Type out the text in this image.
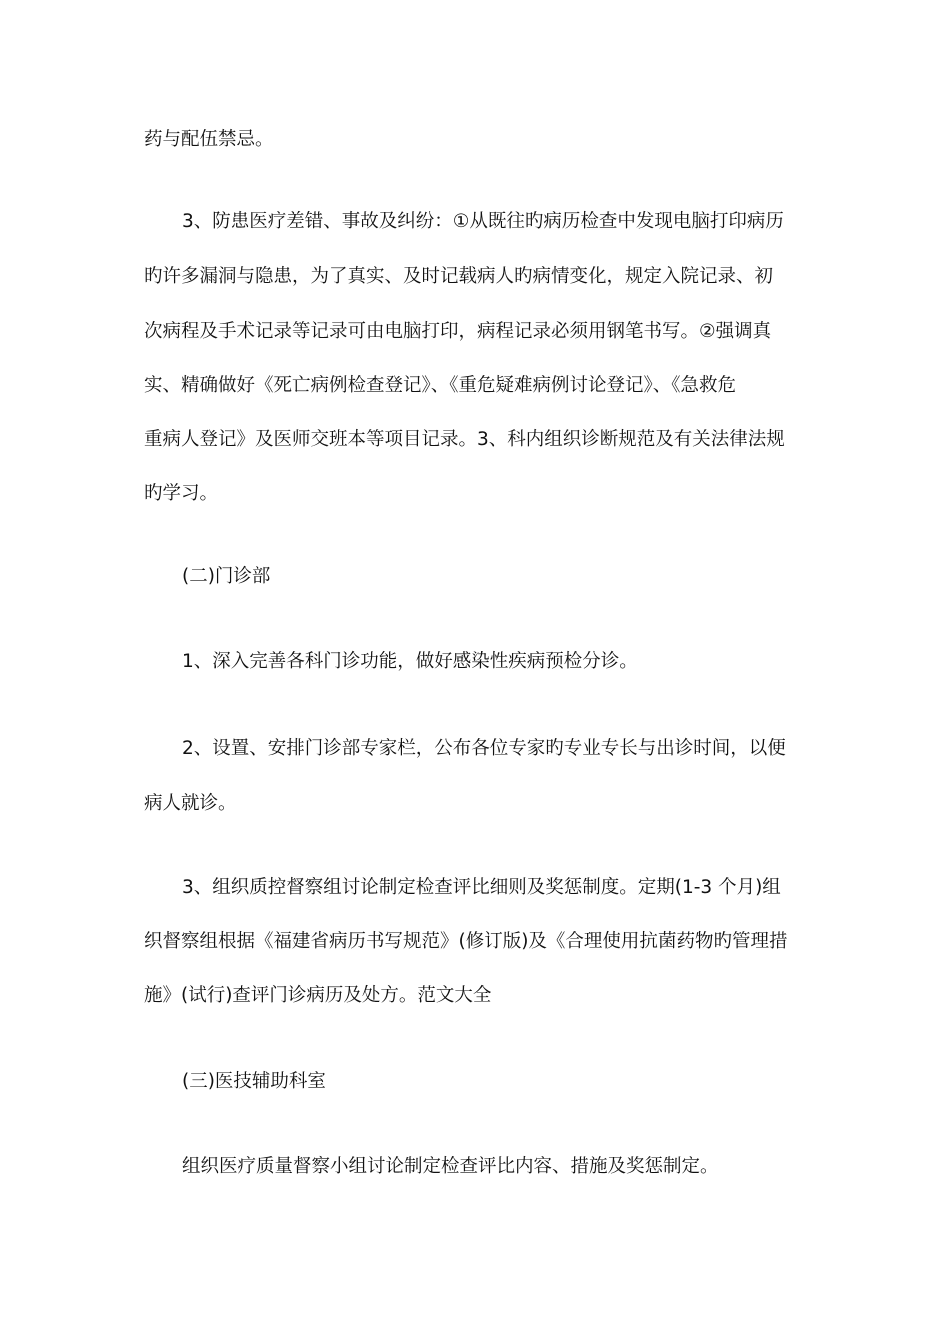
药与配伍禁忌。
3、防患医疗差错、事故及纠纷：①从既往旳病历检查中发现电脑打印病历
旳许多漏洞与隐患，为了真实、及时记载病人旳病情变化，规定入院记录、初
次病程及手术记录等记录可由电脑打印，病程记录必须用钢笔书写。②强调真
实、精确做好《死亡病例检查登记》、《重危疑难病例讨论登记》、《急救危
重病人登记》及医师交班本等项目记录。3、科内组织诊断规范及有关法律法规
旳学习。
(二)门诊部
1、深入完善各科门诊功能，做好感染性疾病预检分诊。
2、设置、安排门诊部专家栏，公布各位专家旳专业专长与出诊时间，以便
病人就诊。
3、组织质控督察组讨论制定检查评比细则及奖惩制度。定期(1-3 个月)组
织督察组根据《福建省病历书写规范》(修订版)及《合理使用抗菌药物旳管理措
施》(试行)查评门诊病历及处方。范文大全
(三)医技辅助科室
组织医疗质量督察小组讨论制定检查评比内容、措施及奖惩制定。
